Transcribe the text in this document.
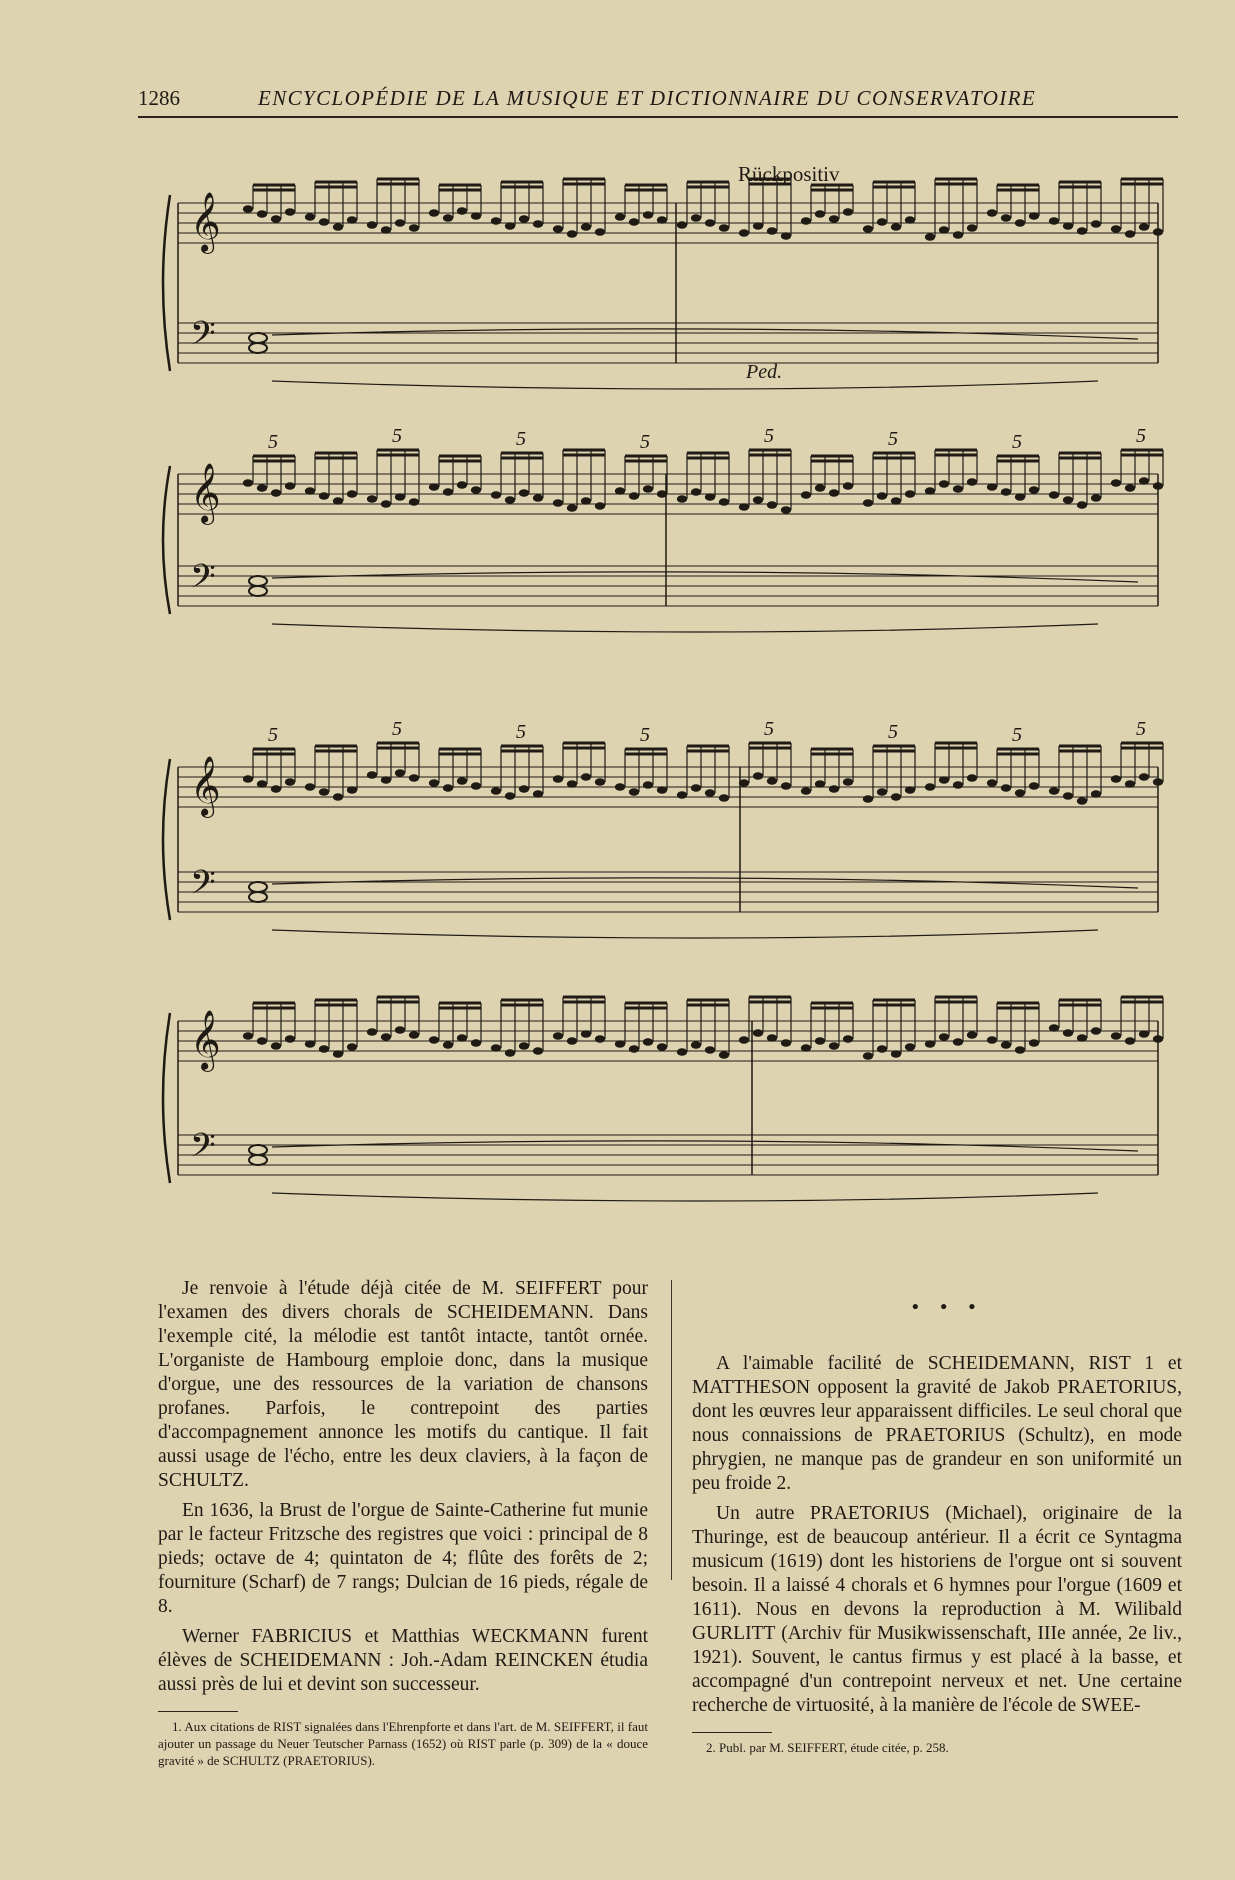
1286	ENCYCLOPÉDIE DE LA MUSIQUE ET DICTIONNAIRE DU CONSERVATOIRE
𝄞
𝄢
𝄞
𝄢
5	5	5	5	5	5	5	5
𝄞
𝄢
5	5	5	5	5	5	5	5
𝄞
𝄢
Rückpositiv
Ped.

Je renvoie à l'étude déjà citée de M. SEIFFERT pour l'examen des divers chorals de SCHEIDEMANN. Dans l'exemple cité, la mélodie est tantôt intacte, tantôt ornée. L'organiste de Hambourg emploie donc, dans la musique d'orgue, une des ressources de la variation de chansons profanes. Parfois, le contrepoint des parties d'accompagnement annonce les motifs du cantique. Il fait aussi usage de l'écho, entre les deux claviers, à la façon de SCHULTZ.

En 1636, la Brust de l'orgue de Sainte-Catherine fut munie par le facteur Fritzsche des registres que voici : principal de 8 pieds; octave de 4; quintaton de 4; flûte des forêts de 2; fourniture (Scharf) de 7 rangs; Dulcian de 16 pieds, régale de 8.

Werner FABRICIUS et Matthias WECKMANN furent élèves de SCHEIDEMANN : Joh.-Adam REINCKEN étudia aussi près de lui et devint son successeur.

1. Aux citations de RIST signalées dans l'Ehrenpforte et dans l'art. de M. SEIFFERT, il faut ajouter un passage du Neuer Teutscher Parnass (1652) où RIST parle (p. 309) de la « douce gravité » de SCHULTZ (PRAETORIUS).
• • •

A l'aimable facilité de SCHEIDEMANN, RIST 1 et MATTHESON opposent la gravité de Jakob PRAETORIUS, dont les œuvres leur apparaissent difficiles. Le seul choral que nous connaissions de PRAETORIUS (Schultz), en mode phrygien, ne manque pas de grandeur en son uniformité un peu froide 2.

Un autre PRAETORIUS (Michael), originaire de la Thuringe, est de beaucoup antérieur. Il a écrit ce Syntagma musicum (1619) dont les historiens de l'orgue ont si souvent besoin. Il a laissé 4 chorals et 6 hymnes pour l'orgue (1609 et 1611). Nous en devons la reproduction à M. Wilibald GURLITT (Archiv für Musikwissenschaft, IIIe année, 2e liv., 1921). Souvent, le cantus firmus y est placé à la basse, et accompagné d'un contrepoint nerveux et net. Une certaine recherche de virtuosité, à la manière de l'école de SWEE-

2. Publ. par M. SEIFFERT, étude citée, p. 258.
